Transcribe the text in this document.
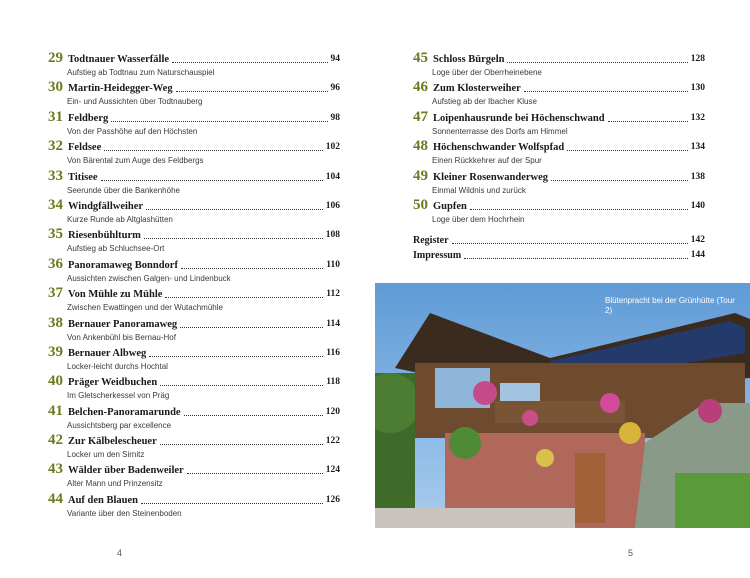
29 Todtnauer Wasserfälle	94
Aufstieg ab Todtnau zum Naturschauspiel
30 Martin-Heidegger-Weg	96
Ein- und Aussichten über Todtnauberg
31 Feldberg	98
Von der Passhöhe auf den Höchsten
32 Feldsee	102
Von Bärental zum Auge des Feldbergs
33 Titisee	104
Seerunde über die Bankenhöhe
34 Windgfällweiher	106
Kurze Runde ab Altglashütten
35 Riesenbühlturm	108
Aufstieg ab Schluchsee-Ort
36 Panoramaweg Bonndorf	110
Aussichten zwischen Galgen- und Lindenbuck
37 Von Mühle zu Mühle	112
Zwischen Ewattingen und der Wutachmühle
38 Bernauer Panoramaweg	114
Von Ankenbühl bis Bernau-Hof
39 Bernauer Albweg	116
Locker-leicht durchs Hochtal
40 Präger Weidbuchen	118
Im Gletscherkessel von Präg
41 Belchen-Panoramarunde	120
Aussichtsberg par excellence
42 Zur Kälbelescheuer	122
Locker um den Sirnitz
43 Wälder über Badenweiler	124
Alter Mann und Prinzensitz
44 Auf den Blauen	126
Variante über den Steinenboden
45 Schloss Bürgeln	128
Loge über der Oberrheinebene
46 Zum Klosterweiher	130
Aufstieg ab der Ibacher Kluse
47 Loipenhausrunde bei Höchenschwand	132
Sonnenterrasse des Dorfs am Himmel
48 Höchenschwander Wolfspfad	134
Einen Rückkehrer auf der Spur
49 Kleiner Rosenwanderweg	138
Einmal Wildnis und zurück
50 Gupfen	140
Loge über dem Hochrhein
Register	142
Impressum	144
Blütenpracht bei der Grünhütte (Tour 2)
4	5
